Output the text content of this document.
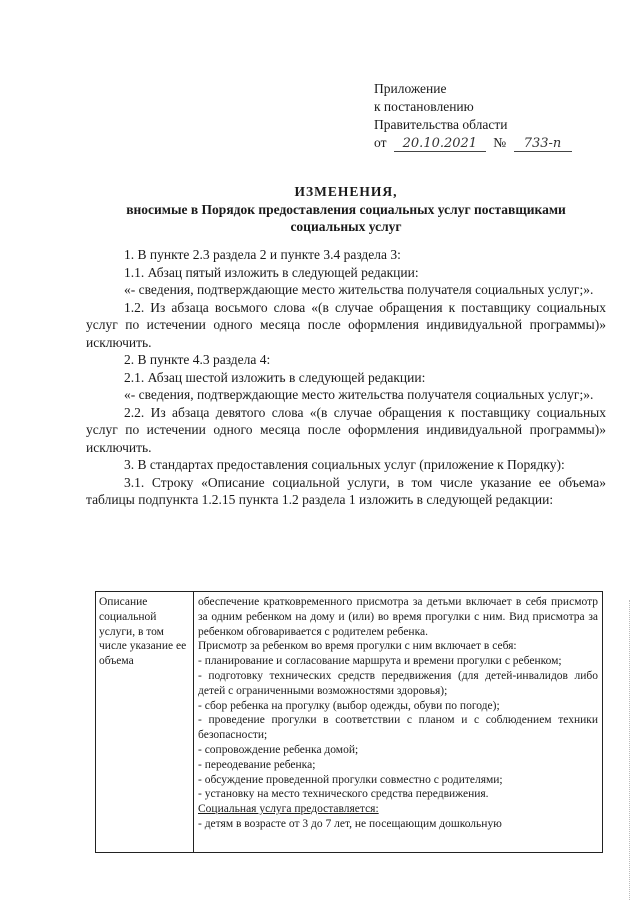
Приложение
к постановлению
Правительства области
от 20.10.2021 № 733-п
ИЗМЕНЕНИЯ,
вносимые в Порядок предоставления социальных услуг поставщиками
социальных услуг

1. В пункте 2.3 раздела 2 и пункте 3.4 раздела 3:

1.1. Абзац пятый изложить в следующей редакции:

«- сведения, подтверждающие место жительства получателя социальных услуг;».

1.2. Из абзаца восьмого слова «(в случае обращения к поставщику социальных услуг по истечении одного месяца после оформления индивидуальной программы)» исключить.

2. В пункте 4.3 раздела 4:

2.1. Абзац шестой изложить в следующей редакции:

«- сведения, подтверждающие место жительства получателя социальных услуг;».

2.2. Из абзаца девятого слова «(в случае обращения к поставщику социальных услуг по истечении одного месяца после оформления индивидуальной программы)» исключить.

3. В стандартах предоставления социальных услуг (приложение к Порядку):

3.1. Строку «Описание социальной услуги, в том числе указание ее объема» таблицы подпункта 1.2.15 пункта 1.2 раздела 1 изложить в следующей редакции:

Описание социальной услуги, в том числе указание ее объема

обеспечение кратковременного присмотра за детьми включает в себя присмотр за одним ребенком на дому и (или) во время прогулки с ним. Вид присмотра за ребенком обговаривается с родителем ребенка.

Присмотр за ребенком во время прогулки с ним включает в себя:

- планирование и согласование маршрута и времени прогулки с ребенком;

- подготовку технических средств передвижения (для детей-инвалидов либо детей с ограниченными возможностями здоровья);

- сбор ребенка на прогулку (выбор одежды, обуви по погоде);

- проведение прогулки в соответствии с планом и с соблюдением техники безопасности;

- сопровождение ребенка домой;

- переодевание ребенка;

- обсуждение проведенной прогулки совместно с родителями;

- установку на место технического средства передвижения.

Социальная услуга предоставляется:

- детям в возрасте от 3 до 7 лет, не посещающим дошкольную
